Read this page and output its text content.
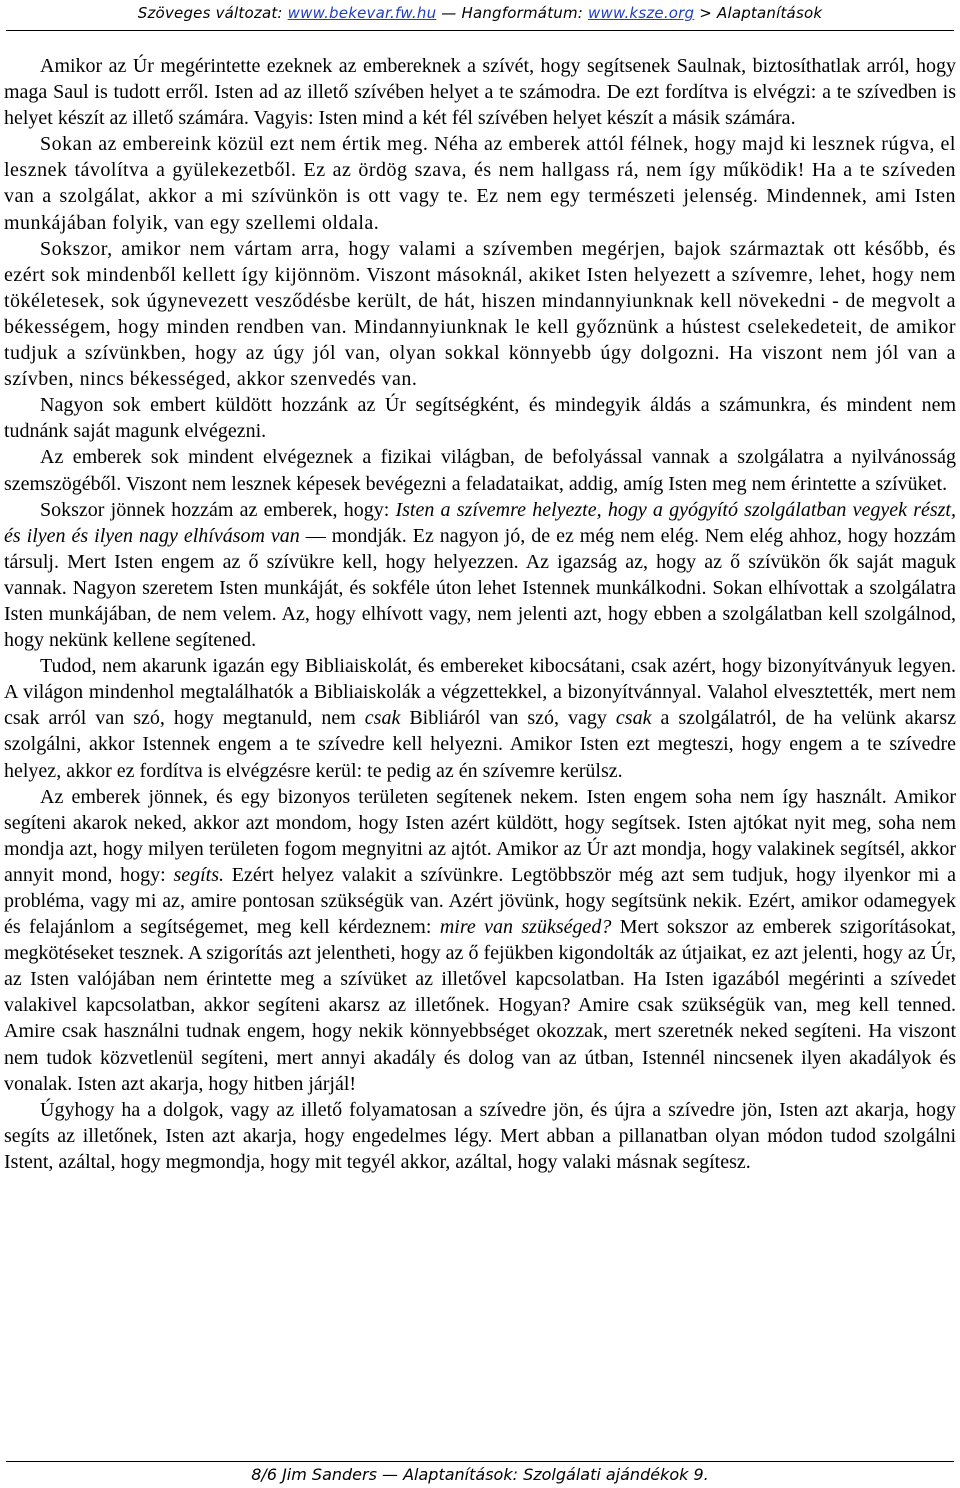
Szöveges változat: www.bekevar.fw.hu — Hangformátum: www.ksze.org > Alaptanítások

Amikor az Úr megérintette ezeknek az embereknek a szívét, hogy segítsenek Saulnak, biztosíthatlak arról, hogy maga Saul is tudott erről. Isten ad az illető szívében helyet a te számodra. De ezt fordítva is elvégzi: a te szívedben is helyet készít az illető számára. Vagyis: Isten mind a két fél szívében helyet készít a másik számára.

Sokan az embereink közül ezt nem értik meg. Néha az emberek attól félnek, hogy majd ki lesznek rúgva, el lesznek távolítva a gyülekezetből. Ez az ördög szava, és nem hallgass rá, nem így működik! Ha a te szíveden van a szolgálat, akkor a mi szívünkön is ott vagy te. Ez nem egy természeti jelenség. Mindennek, ami Isten munkájában folyik, van egy szellemi oldala.

Sokszor, amikor nem vártam arra, hogy valami a szívemben megérjen, bajok származtak ott később, és ezért sok mindenből kellett így kijönnöm. Viszont másoknál, akiket Isten helyezett a szívemre, lehet, hogy nem tökéletesek, sok úgynevezett vesződésbe került, de hát, hiszen mindannyiunknak kell növekedni - de megvolt a békességem, hogy minden rendben van. Mindannyiunknak le kell győznünk a hústest cselekedeteit, de amikor tudjuk a szívünkben, hogy az úgy jól van, olyan sokkal könnyebb úgy dolgozni. Ha viszont nem jól van a szívben, nincs békességed, akkor szenvedés van.

Nagyon sok embert küldött hozzánk az Úr segítségként, és mindegyik áldás a számunkra, és mindent nem tudnánk saját magunk elvégezni.

Az emberek sok mindent elvégeznek a fizikai világban, de befolyással vannak a szolgálatra a nyilvánosság szemszögéből. Viszont nem lesznek képesek bevégezni a feladataikat, addig, amíg Isten meg nem érintette a szívüket.

Sokszor jönnek hozzám az emberek, hogy: Isten a szívemre helyezte, hogy a gyógyító szolgálatban vegyek részt, és ilyen és ilyen nagy elhívásom van — mondják. Ez nagyon jó, de ez még nem elég. Nem elég ahhoz, hogy hozzám társulj. Mert Isten engem az ő szívükre kell, hogy helyezzen. Az igazság az, hogy az ő szívükön ők saját maguk vannak. Nagyon szeretem Isten munkáját, és sokféle úton lehet Istennek munkálkodni. Sokan elhívottak a szolgálatra Isten munkájában, de nem velem. Az, hogy elhívott vagy, nem jelenti azt, hogy ebben a szolgálatban kell szolgálnod, hogy nekünk kellene segítened.

Tudod, nem akarunk igazán egy Bibliaiskolát, és embereket kibocsátani, csak azért, hogy bizonyítványuk legyen. A világon mindenhol megtalálhatók a Bibliaiskolák a végzettekkel, a bizonyítvánnyal. Valahol elvesztették, mert nem csak arról van szó, hogy megtanuld, nem csak Bibliáról van szó, vagy csak a szolgálatról, de ha velünk akarsz szolgálni, akkor Istennek engem a te szívedre kell helyezni. Amikor Isten ezt megteszi, hogy engem a te szívedre helyez, akkor ez fordítva is elvégzésre kerül: te pedig az én szívemre kerülsz.

Az emberek jönnek, és egy bizonyos területen segítenek nekem. Isten engem soha nem így használt. Amikor segíteni akarok neked, akkor azt mondom, hogy Isten azért küldött, hogy segítsek. Isten ajtókat nyit meg, soha nem mondja azt, hogy milyen területen fogom megnyitni az ajtót. Amikor az Úr azt mondja, hogy valakinek segítsél, akkor annyit mond, hogy: segíts. Ezért helyez valakit a szívünkre. Legtöbbször még azt sem tudjuk, hogy ilyenkor mi a probléma, vagy mi az, amire pontosan szükségük van. Azért jövünk, hogy segítsünk nekik. Ezért, amikor odamegyek és felajánlom a segítségemet, meg kell kérdeznem: mire van szükséged? Mert sokszor az emberek szigorításokat, megkötéseket tesznek. A szigorítás azt jelentheti, hogy az ő fejükben kigondolták az útjaikat, ez azt jelenti, hogy az Úr, az Isten valójában nem érintette meg a szívüket az illetővel kapcsolatban. Ha Isten igazából megérinti a szívedet valakivel kapcsolatban, akkor segíteni akarsz az illetőnek. Hogyan? Amire csak szükségük van, meg kell tenned. Amire csak használni tudnak engem, hogy nekik könnyebbséget okozzak, mert szeretnék neked segíteni. Ha viszont nem tudok közvetlenül segíteni, mert annyi akadály és dolog van az útban, Istennél nincsenek ilyen akadályok és vonalak. Isten azt akarja, hogy hitben járjál!

Úgyhogy ha a dolgok, vagy az illető folyamatosan a szívedre jön, és újra a szívedre jön, Isten azt akarja, hogy segíts az illetőnek, Isten azt akarja, hogy engedelmes légy. Mert abban a pillanatban olyan módon tudod szolgálni Istent, azáltal, hogy megmondja, hogy mit tegyél akkor, azáltal, hogy valaki másnak segítesz.

8/6 Jim Sanders — Alaptanítások: Szolgálati ajándékok 9.
